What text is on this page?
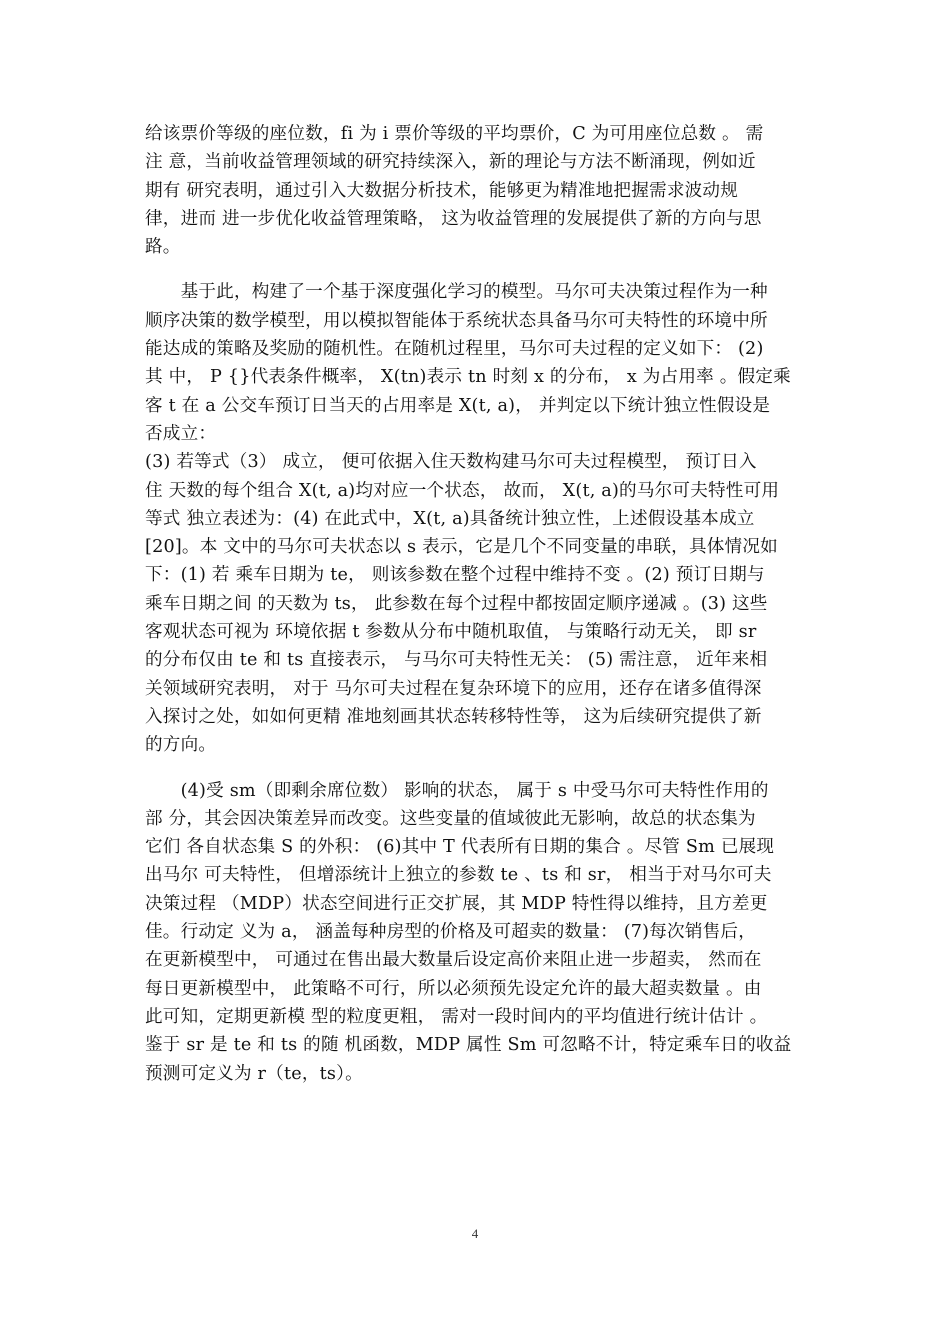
给该票价等级的座位数，fi 为 i 票价等级的平均票价，C 为可用座位总数 。 需
注 意，当前收益管理领域的研究持续深入，新的理论与方法不断涌现，例如近
期有 研究表明，通过引入大数据分析技术，能够更为精准地把握需求波动规
律，进而 进一步优化收益管理策略， 这为收益管理的发展提供了新的方向与思
路。
　　基于此，构建了一个基于深度强化学习的模型。马尔可夫决策过程作为一种
顺序决策的数学模型，用以模拟智能体于系统状态具备马尔可夫特性的环境中所
能达成的策略及奖励的随机性。在随机过程里，马尔可夫过程的定义如下： (2)
其 中， P {}代表条件概率， X(tn)表示 tn 时刻 x 的分布， x 为占用率 。假定乘
客 t 在 a 公交车预订日当天的占用率是 X(t, a)， 并判定以下统计独立性假设是
否成立：
(3) 若等式（3） 成立， 便可依据入住天数构建马尔可夫过程模型， 预订日入
住 天数的每个组合 X(t, a)均对应一个状态， 故而， X(t, a)的马尔可夫特性可用
等式 独立表述为：(4) 在此式中，X(t, a)具备统计独立性，上述假设基本成立
[20]。本 文中的马尔可夫状态以 s 表示，它是几个不同变量的串联，具体情况如
下：(1) 若 乘车日期为 te， 则该参数在整个过程中维持不变 。(2) 预订日期与
乘车日期之间 的天数为 ts， 此参数在每个过程中都按固定顺序递减 。(3) 这些
客观状态可视为 环境依据 t 参数从分布中随机取值， 与策略行动无关， 即 sr
的分布仅由 te 和 ts 直接表示， 与马尔可夫特性无关： (5) 需注意， 近年来相
关领域研究表明， 对于 马尔可夫过程在复杂环境下的应用，还存在诸多值得深
入探讨之处，如如何更精 准地刻画其状态转移特性等， 这为后续研究提供了新
的方向。
　　(4)受 sm（即剩余席位数） 影响的状态， 属于 s 中受马尔可夫特性作用的
部 分，其会因决策差异而改变。这些变量的值域彼此无影响，故总的状态集为
它们 各自状态集 S 的外积： (6)其中 T 代表所有日期的集合 。尽管 Sm 已展现
出马尔 可夫特性， 但增添统计上独立的参数 te 、ts 和 sr， 相当于对马尔可夫
决策过程 （MDP）状态空间进行正交扩展，其 MDP 特性得以维持，且方差更
佳。行动定 义为 a， 涵盖每种房型的价格及可超卖的数量： (7)每次销售后，
在更新模型中， 可通过在售出最大数量后设定高价来阻止进一步超卖， 然而在
每日更新模型中， 此策略不可行，所以必须预先设定允许的最大超卖数量 。由
此可知，定期更新模 型的粒度更粗， 需对一段时间内的平均值进行统计估计 。
鉴于 sr 是 te 和 ts 的随 机函数，MDP 属性 Sm 可忽略不计，特定乘车日的收益
预测可定义为 r（te，ts）。
4
